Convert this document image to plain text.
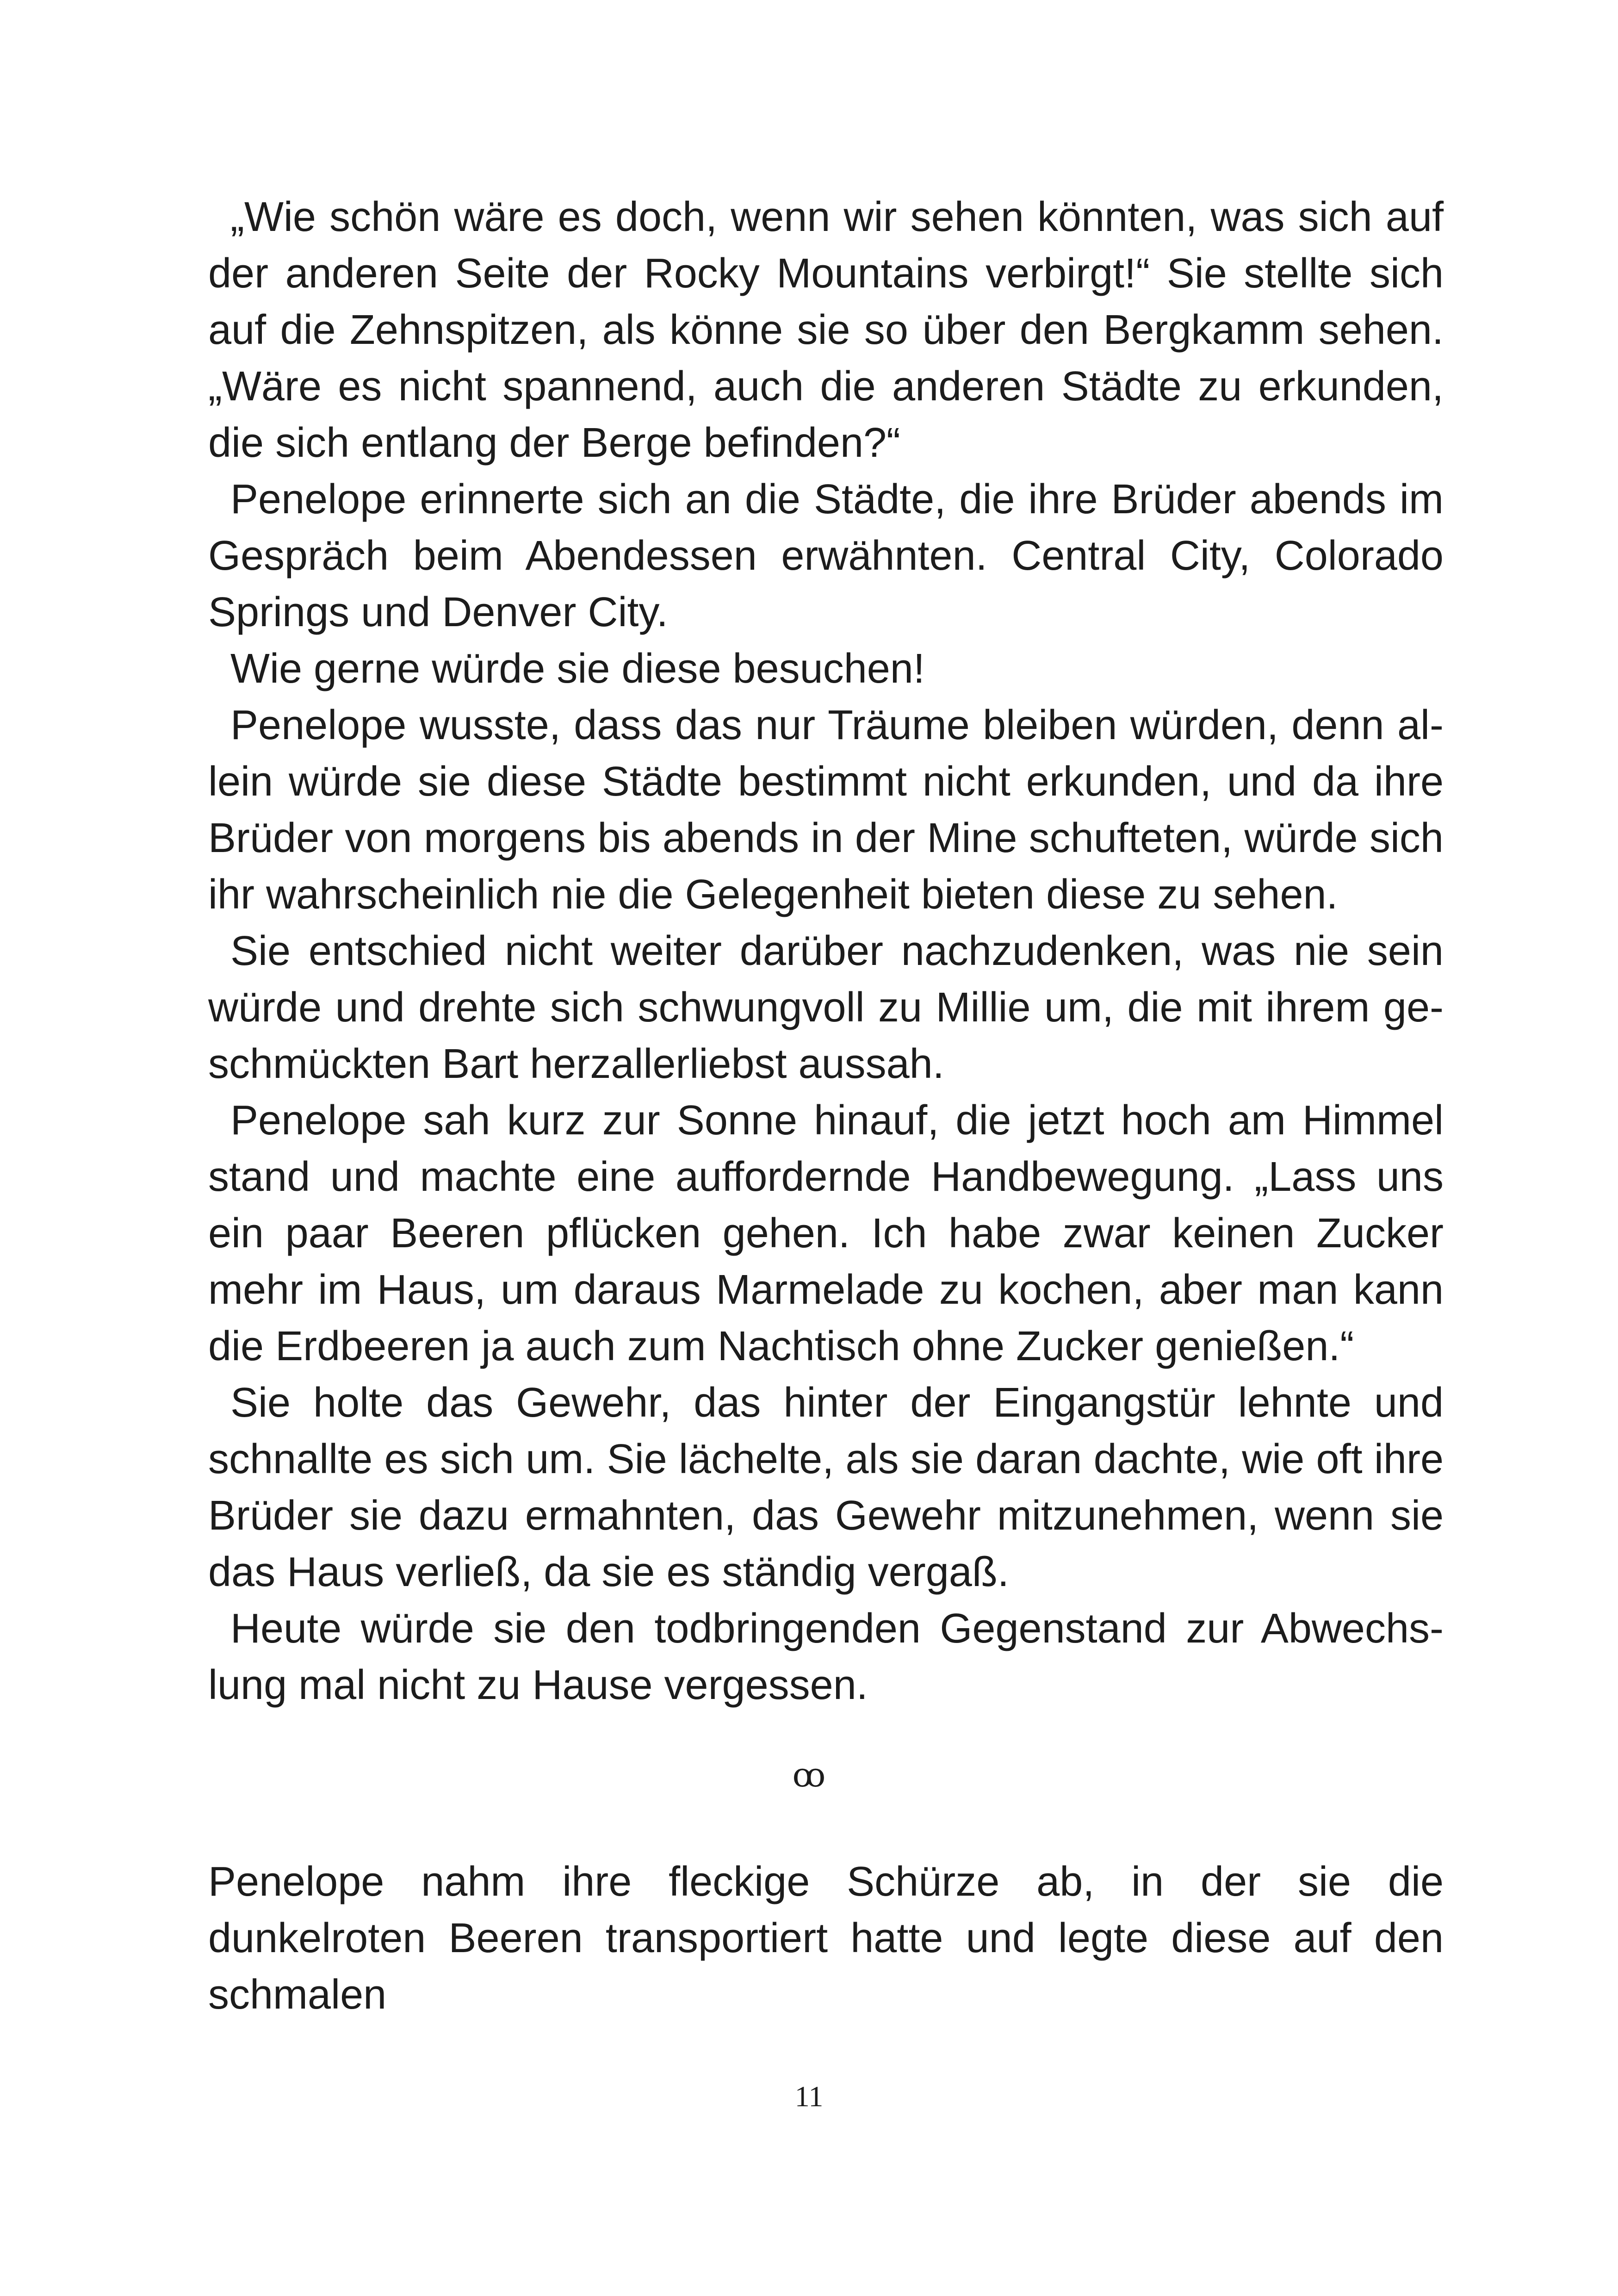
„Wie schön wäre es doch, wenn wir sehen könnten, was sich auf der anderen Seite der Rocky Mountains verbirgt!“ Sie stellte sich auf die Zehnspitzen, als könne sie so über den Bergkamm sehen. „Wäre es nicht spannend, auch die anderen Städte zu erkunden, die sich entlang der Berge befinden?“

Penelope erinnerte sich an die Städte, die ihre Brüder abends im Gespräch beim Abendessen erwähnten. Central City, Colorado Springs und Denver City.

Wie gerne würde sie diese besuchen!

Penelope wusste, dass das nur Träume bleiben würden, denn allein würde sie diese Städte bestimmt nicht erkunden, und da ihre Brüder von morgens bis abends in der Mine schufteten, würde sich ihr wahrscheinlich nie die Gelegenheit bieten diese zu sehen.

Sie entschied nicht weiter darüber nachzudenken, was nie sein würde und drehte sich schwungvoll zu Millie um, die mit ihrem geschmückten Bart herzallerliebst aussah.

Penelope sah kurz zur Sonne hinauf, die jetzt hoch am Himmel stand und machte eine auffordernde Handbewegung. „Lass uns ein paar Beeren pflücken gehen. Ich habe zwar keinen Zucker mehr im Haus, um daraus Marmelade zu kochen, aber man kann die Erdbeeren ja auch zum Nachtisch ohne Zucker genießen.“

Sie holte das Gewehr, das hinter der Eingangstür lehnte und schnallte es sich um. Sie lächelte, als sie daran dachte, wie oft ihre Brüder sie dazu ermahnten, das Gewehr mitzunehmen, wenn sie das Haus verließ, da sie es ständig vergaß.

Heute würde sie den todbringenden Gegenstand zur Abwechslung mal nicht zu Hause vergessen.

ꝏ

Penelope nahm ihre fleckige Schürze ab, in der sie die dunkelroten Beeren transportiert hatte und legte diese auf den schmalen

11
